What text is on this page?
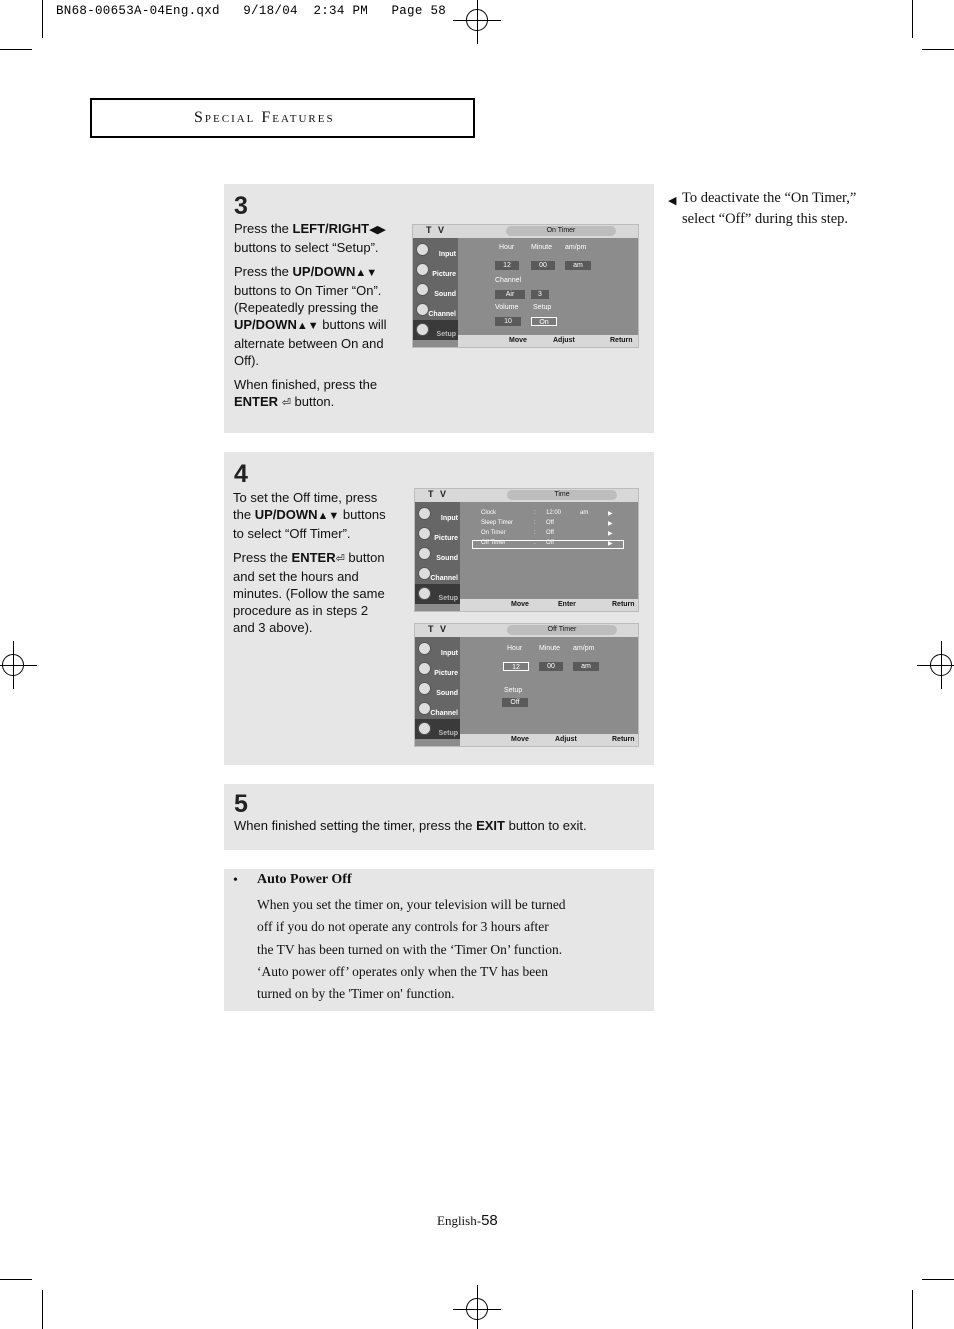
BN68-00653A-04Eng.qxd   9/18/04  2:34 PM   Page 58
Special Features
3

Press the LEFT/RIGHT◀▶ buttons to select “Setup”.

Press the UP/DOWN▲▼ buttons to On Timer “On”. (Repeatedly pressing the UP/DOWN▲▼ buttons will alternate between On and Off).

When finished, press the ENTER ⏎ button.

T V	On Timer
Input
Picture
Sound
Channel
Setup
Hour Minute am/pm
12	00	am
Channel
Air	3
Volume Setup
10	On
Move	Adjust	Return
◀ To deactivate the “On Timer,” select “Off” during this step.
4

To set the Off time, press the UP/DOWN▲▼ buttons to select “Off Timer”.

Press the ENTER⏎ button and set the hours and minutes. (Follow the same procedure as in steps 2 and 3 above).

T V	Time
Input
Picture
Sound
Channel
Setup
Clock	: 12:00	am	▶
Sleep Timer	: Off	▶
On Timer	: Off	▶
Off Timer	: Off	▶
Move	Enter	Return
T V	Off Timer
Input
Picture
Sound
Channel
Setup
Hour Minute am/pm
12	00	am
Setup
Off
Move	Adjust	Return
5
When finished setting the timer, press the EXIT button to exit.
• Auto Power Off
When you set the timer on, your television will be turned
off if you do not operate any controls for 3 hours after
the TV has been turned on with the ‘Timer On’ function.
‘Auto power off’ operates only when the TV has been
turned on by the 'Timer on' function.
English-58
